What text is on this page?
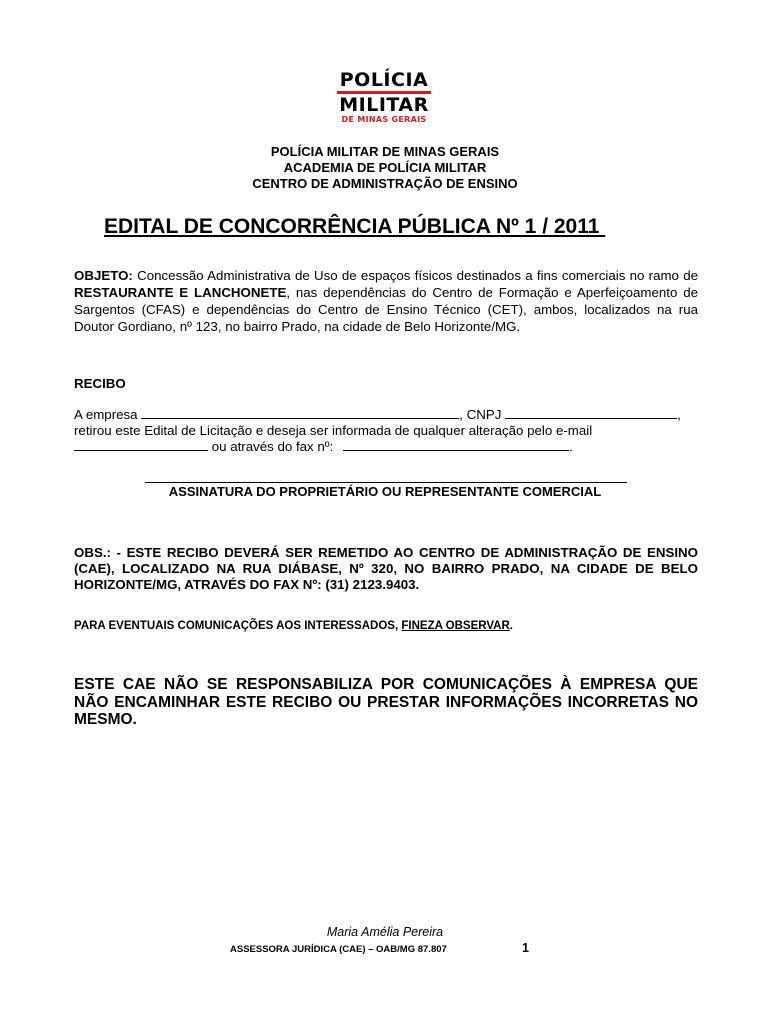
POLÍCIA
MILITAR
DE MINAS GERAIS
POLÍCIA MILITAR DE MINAS GERAIS
ACADEMIA DE POLÍCIA MILITAR
CENTRO DE ADMINISTRAÇÃO DE ENSINO
EDITAL DE CONCORRÊNCIA PÚBLICA Nº 1 / 2011
OBJETO: Concessão Administrativa de Uso de espaços físicos destinados a fins comerciais no ramo de RESTAURANTE E LANCHONETE, nas dependências do Centro de Formação e Aperfeiçoamento de Sargentos (CFAS) e dependências do Centro de Ensino Técnico (CET), ambos, localizados na rua Doutor Gordiano, nº 123, no bairro Prado, na cidade de Belo Horizonte/MG.
RECIBO
A empresa	, CNPJ	,
retirou este Edital de Licitação e deseja ser informada de qualquer alteração pelo e-mail
ou através do fax nº:	.
ASSINATURA DO PROPRIETÁRIO OU REPRESENTANTE COMERCIAL
OBS.: - ESTE RECIBO DEVERÁ SER REMETIDO AO CENTRO DE ADMINISTRAÇÃO DE ENSINO (CAE), LOCALIZADO NA RUA DIÁBASE, Nº 320, NO BAIRRO PRADO, NA CIDADE DE BELO HORIZONTE/MG, ATRAVÉS DO FAX Nº: (31) 2123.9403.
PARA EVENTUAIS COMUNICAÇÕES AOS INTERESSADOS, FINEZA OBSERVAR.
ESTE CAE NÃO SE RESPONSABILIZA POR COMUNICAÇÕES À EMPRESA QUE NÃO ENCAMINHAR ESTE RECIBO OU PRESTAR INFORMAÇÕES INCORRETAS NO MESMO.
Maria Amélia Pereira
ASSESSORA JURÍDICA (CAE) – OAB/MG 87.807	1
